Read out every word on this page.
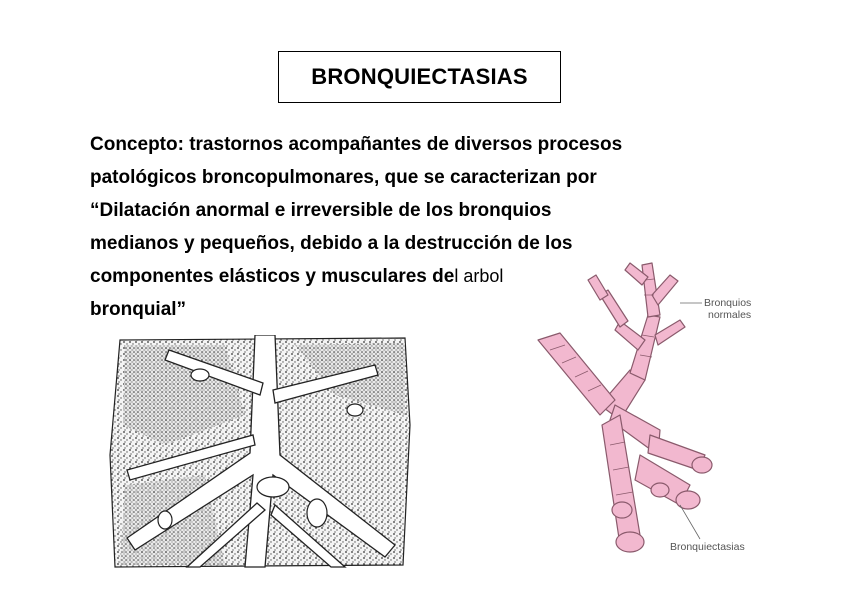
BRONQUIECTASIAS
Concepto: trastornos acompañantes de diversos procesos
patológicos broncopulmonares, que se caracterizan por
“Dilatación anormal e irreversible de los bronquios
medianos y pequeños, debido a la destrucción de los
componentes elásticos y musculares del arbol
bronquial”	Bronquios
normales
Bronquiectasias
